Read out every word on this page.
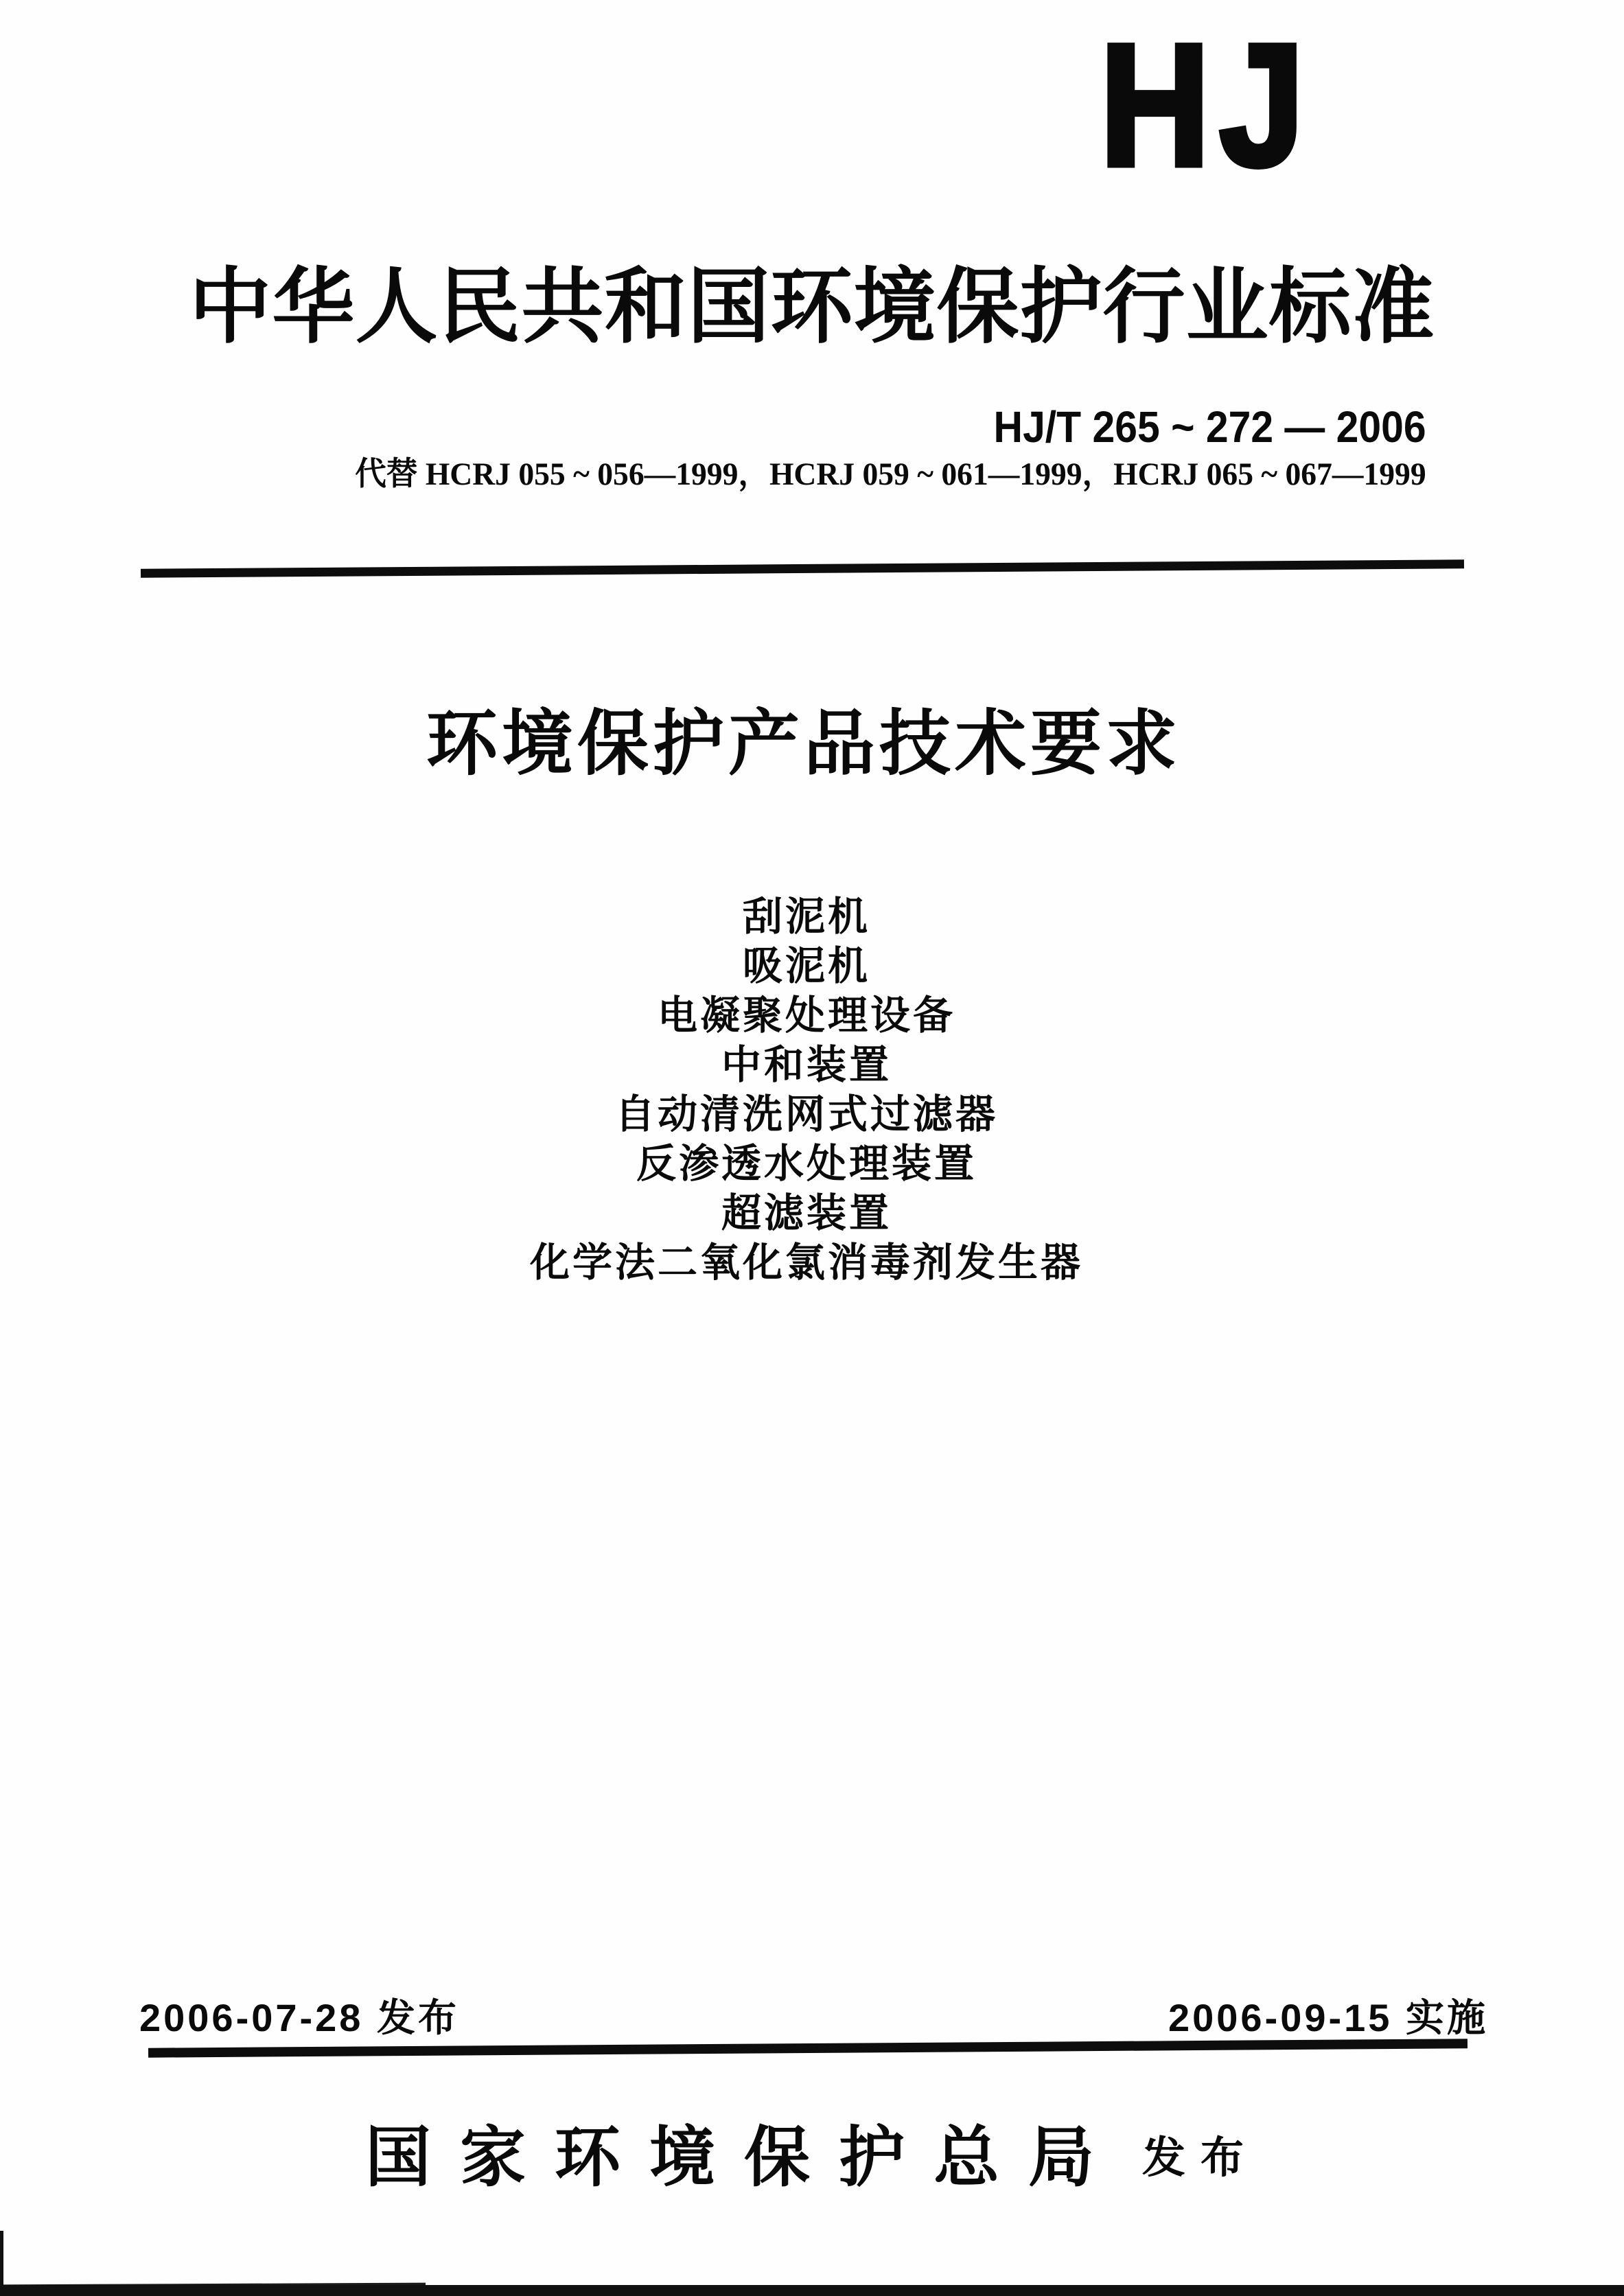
HJ
中华人民共和国环境保护行业标准
HJ/T 265 ~ 272 — 2006
代替 HCRJ 055 ~ 056—1999，HCRJ 059 ~ 061—1999，HCRJ 065 ~ 067—1999
环境保护产品技术要求
刮泥机
吸泥机
电凝聚处理设备
中和装置
自动清洗网式过滤器
反渗透水处理装置
超滤装置
化学法二氧化氯消毒剂发生器
2006-07-28 发布	2006-09-15 实施
国家环境保护总局 发布
